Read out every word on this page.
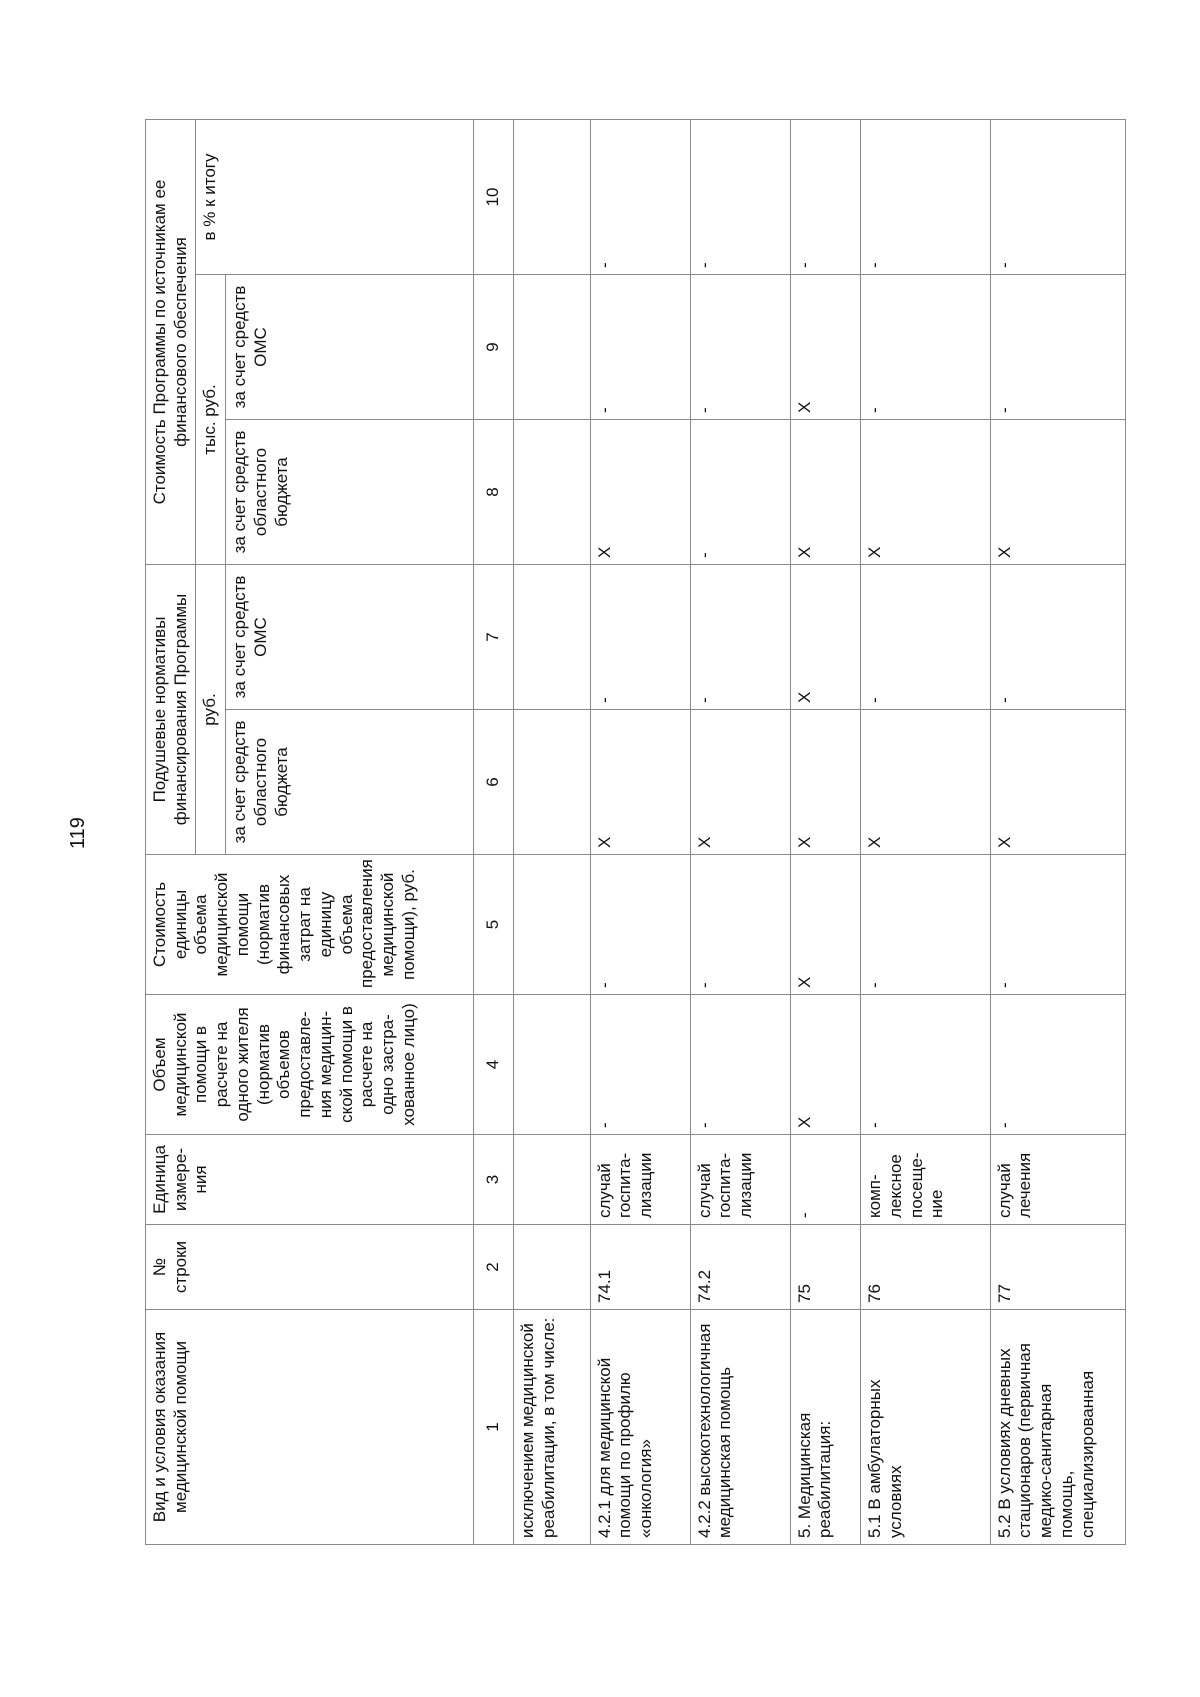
119
Вид и условия оказания медицинской помощи	№ строки	Единица измере-ния	Объем медицинской помощи в расчете на одного жителя (норматив объемов предоставле-ния медицин-ской помощи в расчете на одно застра-хованное лицо)	Стоимость единицы объема медицинской помощи (норматив финансовых затрат на единицу объема предоставления медицинской помощи), руб.	Подушевые нормативы финансирования Программы		Стоимость Программы по источникам ее финансового обеспечения		
					руб.		тыс. руб.		в % к итогу
					за счет средств областного бюджета	за счет средств ОМС	за счет средств областного бюджета	за счет средств ОМС	
1	2	3	4	5	6	7	8	9	10
исключением медицинской реабилитации, в том числе:									
4.2.1 для медицинской помощи по профилю «онкология»	74.1	случай госпита-лизации	-	-	X	-	X	-	-
4.2.2 высокотехнологичная медицинская помощь	74.2	случай госпита-лизации	-	-	X	-	-	-	-
5. Медицинская реабилитация:	75	-	X	X	X	X	X	X	-
5.1 В амбулаторных условиях	76	комп-лексное посеще-ние	-	-	X	-	X	-	-
5.2 В условиях дневных стационаров (первичная медико-санитарная помощь, специализированная	77	случай лечения	-	-	X	-	X	-	-
